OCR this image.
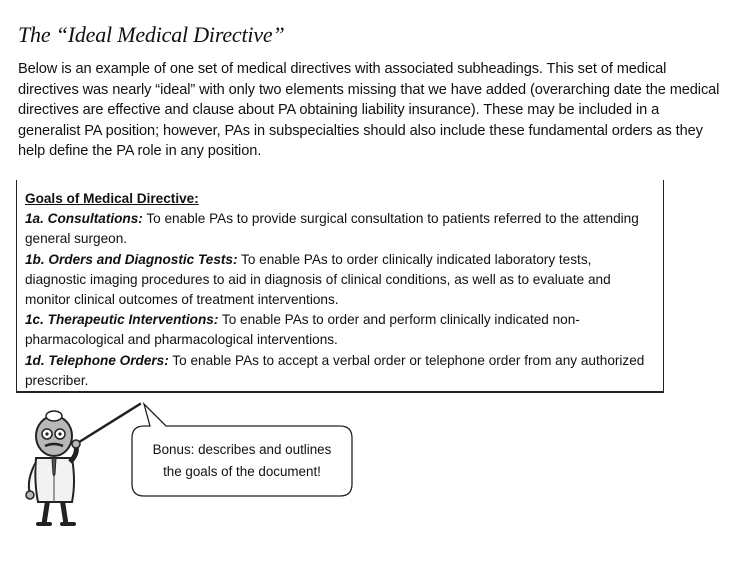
The “Ideal Medical Directive”

Below is an example of one set of medical directives with associated subheadings. This set of medical directives was nearly “ideal” with only two elements missing that we have added (overarching date the medical directives are effective and clause about PA obtaining liability insurance). These may be included in a generalist PA position; however, PAs in subspecialties should also include these fundamental orders as they help define the PA role in any position.

Goals of Medical Directive:

1a. Consultations: To enable PAs to provide surgical consultation to patients referred to the attending general surgeon.

1b. Orders and Diagnostic Tests: To enable PAs to order clinically indicated laboratory tests, diagnostic imaging procedures to aid in diagnosis of clinical conditions, as well as to evaluate and monitor clinical outcomes of treatment interventions.

1c. Therapeutic Interventions: To enable PAs to order and perform clinically indicated non-pharmacological and pharmacological interventions.

1d. Telephone Orders: To enable PAs to accept a verbal order or telephone order from any authorized prescriber.

Bonus: describes and outlines
the goals of the document!
